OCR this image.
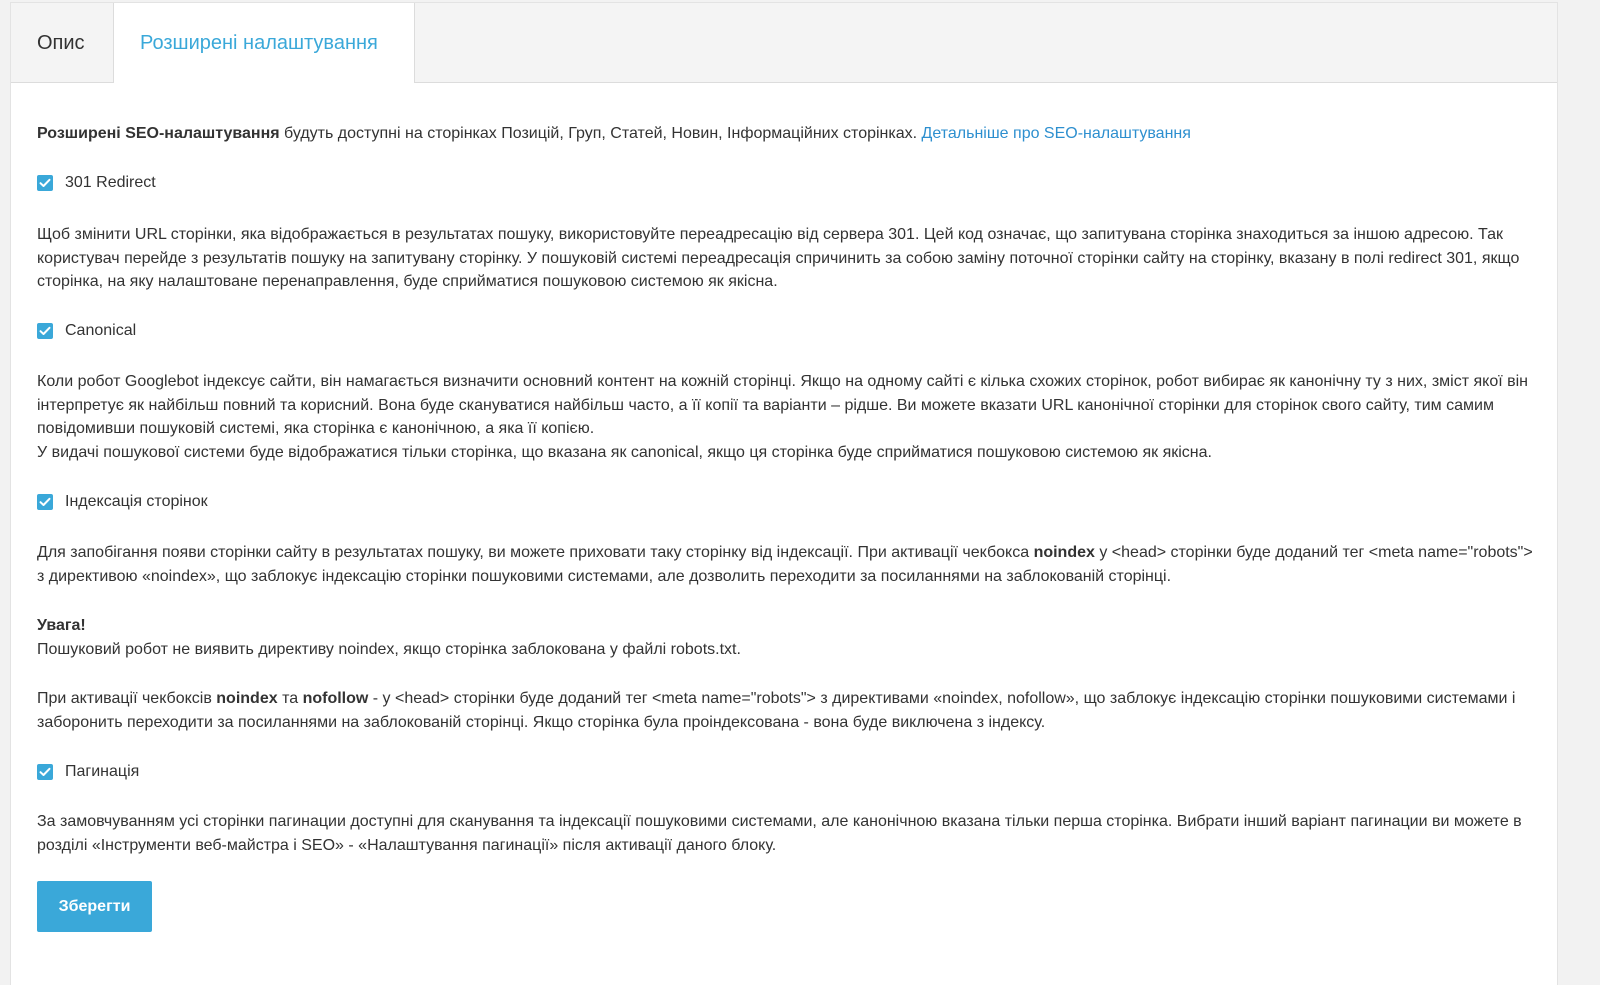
Опис	Розширені налаштування
Розширені SEO-налаштування будуть доступні на сторінках Позицій, Груп, Статей, Новин, Інформаційних сторінках. Детальніше про SEO-налаштування
301 Redirect

Щоб змінити URL сторінки, яка відображається в результатах пошуку, використовуйте переадресацію від сервера 301. Цей код означає, що запитувана сторінка знаходиться за іншою адресою. Так користувач перейде з результатів пошуку на запитувану сторінку. У пошуковій системі переадресація спричинить за собою заміну поточної сторінки сайту на сторінку, вказану в полі redirect 301, якщо сторінка, на яку налаштоване перенаправлення, буде сприйматися пошуковою системою як якісна.

Canonical

Коли робот Googlebot індексує сайти, він намагається визначити основний контент на кожній сторінці. Якщо на одному сайті є кілька схожих сторінок, робот вибирає як канонічну ту з них, зміст якої він інтерпретує як найбільш повний та корисний. Вона буде скануватися найбільш часто, а її копії та варіанти – рідше. Ви можете вказати URL канонічної сторінки для сторінок свого сайту, тим самим повідомивши пошуковій системі, яка сторінка є канонічною, а яка її копією.

У видачі пошукової системи буде відображатися тільки сторінка, що вказана як canonical, якщо ця сторінка буде сприйматися пошуковою системою як якісна.

Індексація сторінок

Для запобігання появи сторінки сайту в результатах пошуку, ви можете приховати таку сторінку від індексації. При активації чекбокса noindex у <head> сторінки буде доданий тег <meta name="robots"> з директивою «noindex», що заблокує індексацію сторінки пошуковими системами, але дозволить переходити за посиланнями на заблокованій сторінці.

Увага!
Пошуковий робот не виявить директиву noindex, якщо сторінка заблокована у файлі robots.txt.

При активації чекбоксів noindex та nofollow - у <head> сторінки буде доданий тег <meta name="robots"> з директивами «noindex, nofollow», що заблокує індексацію сторінки пошуковими системами і заборонить переходити за посиланнями на заблокованій сторінці. Якщо сторінка була проіндексована - вона буде виключена з індексу.

Пагинація

За замовчуванням усі сторінки пагинации доступні для сканування та індексації пошуковими системами, але канонічною вказана тільки перша сторінка. Вибрати інший варіант пагинации ви можете в розділі «Інструменти веб-майстра і SEO» - «Налаштування пагинації» після активації даного блоку.

Зберегти
